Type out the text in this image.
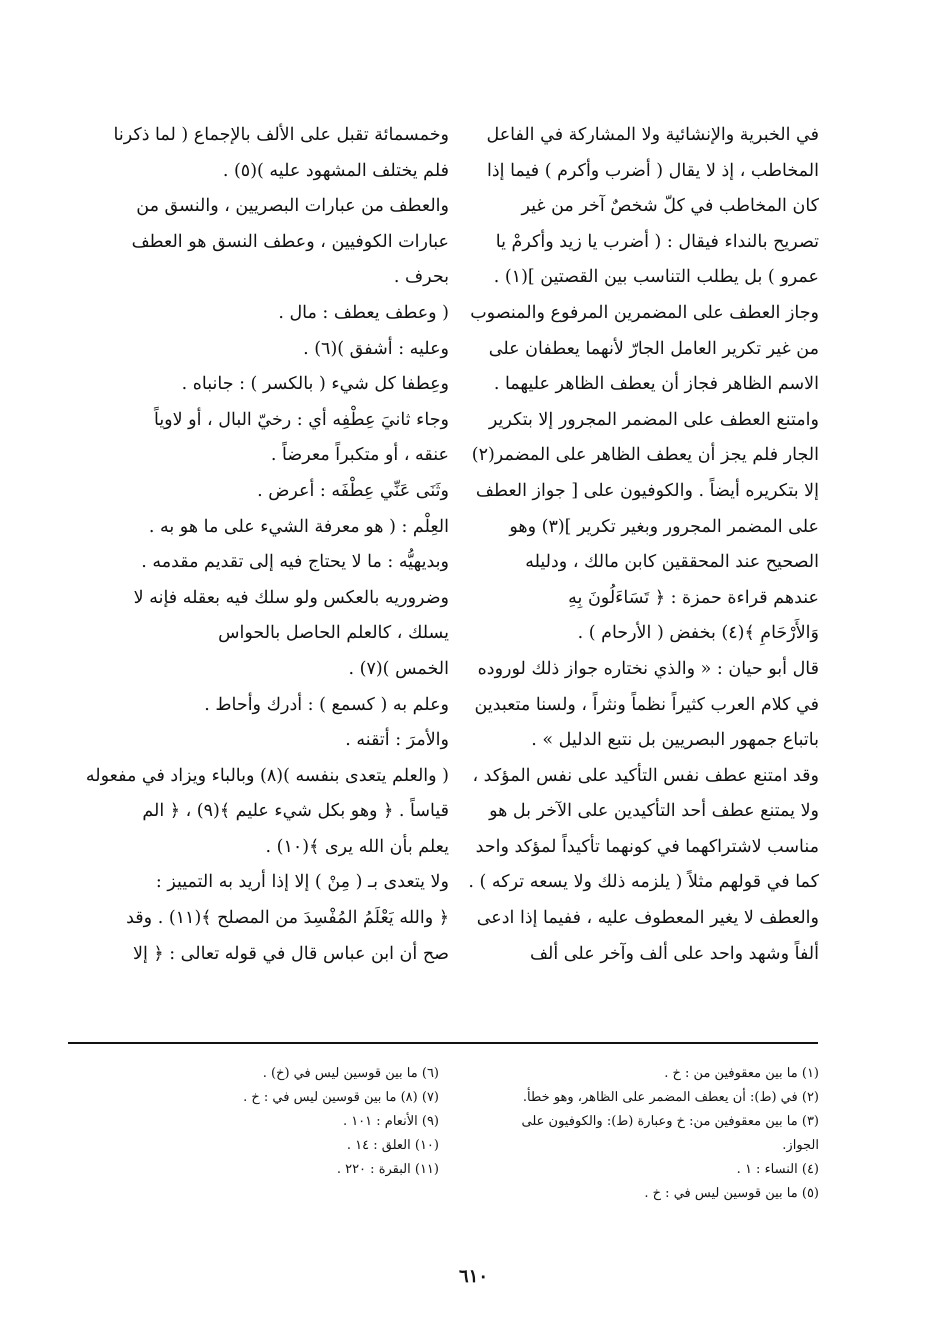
في الخبرية والإنشائية ولا المشاركة في الفاعل

المخاطب ، إذ لا يقال ( أضرب وأكرم ) فيما إذا

كان المخاطب في كلّ شخصٌ آخر من غير

تصريح بالنداء فيقال : ( أضرب يا زيد وأكرمْ يا

عمرو ) بل يطلب التناسب بين القصتين ](١) .

وجاز العطف على المضمرين المرفوع والمنصوب

من غير تكرير العامل الجارّ لأنهما يعطفان على

الاسم الظاهر فجاز أن يعطف الظاهر عليهما .

وامتنع العطف على المضمر المجرور إلا بتكرير

الجار فلم يجز أن يعطف الظاهر على المضمر(٢)

إلا بتكريره أيضاً . والكوفيون على [ جواز العطف

على المضمر المجرور وبغير تكرير ](٣) وهو

الصحيح عند المحققين كابن مالك ، ودليله

عندهم قراءة حمزة : ﴿ تَسَاءَلُونَ بِهِ

وَالأَرْحَامِ ﴾(٤) بخفض ( الأرحام ) .

قال أبو حيان : « والذي نختاره جواز ذلك لوروده

في كلام العرب كثيراً نظماً ونثراً ، ولسنا متعبدين

باتباع جمهور البصريين بل نتبع الدليل » .

وقد امتنع عطف نفس التأكيد على نفس المؤكد ،

ولا يمتنع عطف أحد التأكيدين على الآخر بل هو

مناسب لاشتراكهما في كونهما تأكيداً لمؤكد واحد

كما في قولهم مثلاً ( يلزمه ذلك ولا يسعه تركه ) .

والعطف لا يغير المعطوف عليه ، ففيما إذا ادعى

ألفاً وشهد واحد على ألف وآخر على ألف

وخمسمائة تقبل على الألف بالإجماع ( لما ذكرنا

فلم يختلف المشهود عليه )(٥) .

والعطف من عبارات البصريين ، والنسق من

عبارات الكوفيين ، وعطف النسق هو العطف

بحرف .

( وعطف يعطف : مال .

وعليه : أشفق )(٦) .

وعِطفا كل شيء ( بالكسر ) : جانباه .

وجاء ثانيَ عِطْفِه أي : رخيّ البال ، أو لاوياً

عنقه ، أو متكبراً معرضاً .

وثَنَى عَنِّي عِطْفَه : أعرض .

العِلْم : ( هو معرفة الشيء على ما هو به .

وبديهيُّه : ما لا يحتاج فيه إلى تقديم مقدمه .

وضروريه بالعكس ولو سلك فيه بعقله فإنه لا

يسلك ، كالعلم الحاصل بالحواس

الخمس )(٧) .

وعلم به ( كسمع ) : أدرك وأحاط .

والأمرَ : أتقنه .

( والعلم يتعدى بنفسه )(٨) وبالباء ويزاد في مفعوله

قياساً . ﴿ وهو بكل شيء عليم ﴾(٩) ، ﴿ الم

يعلم بأن الله يرى ﴾(١٠) .

ولا يتعدى بـ ( مِنْ ) إلا إذا أريد به التمييز :

﴿ والله يَعْلَمُ المُفْسِدَ من المصلح ﴾(١١) . وقد

صح أن ابن عباس قال في قوله تعالى : ﴿ إلا

(١) ما بين معقوفين من : خ .

(٢) في (ط): أن يعطف المضمر على الظاهر، وهو خطأ.

(٣) ما بين معقوفين من: خ وعبارة (ط): والكوفيون على

الجواز.

(٤) النساء : ١ .

(٥) ما بين قوسين ليس في : خ .

(٦) ما بين قوسين ليس في (خ) .

(٧) (٨) ما بين قوسين ليس في : خ .

(٩) الأنعام : ١٠١ .

(١٠) العلق : ١٤ .

(١١) البقرة : ٢٢٠ .

٦١٠
